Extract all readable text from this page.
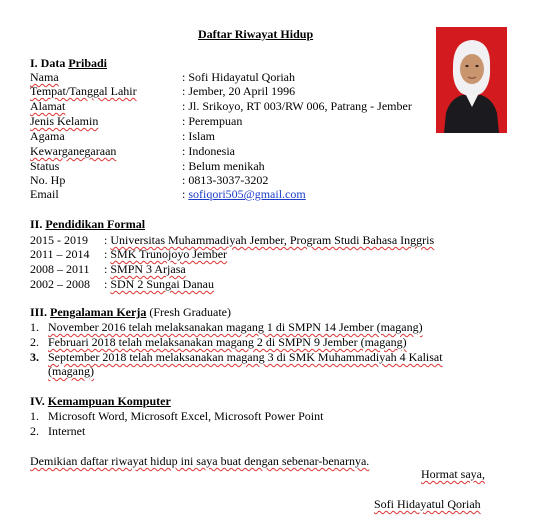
Daftar Riwayat Hidup
I. Data Pribadi
Nama	: Sofi Hidayatul Qoriah
Tempat/Tanggal Lahir	: Jember, 20 April 1996
Alamat	: Jl. Srikoyo, RT 003/RW 006, Patrang - Jember
Jenis Kelamin	: Perempuan
Agama	: Islam
Kewarganegaraan	: Indonesia
Status	: Belum menikah
No. Hp	: 0813-3037-3202
Email	: sofiqori505@gmail.com
II. Pendidikan Formal
2015 - 2019 : Universitas Muhammadiyah Jember, Program Studi Bahasa Inggris
2011 – 2014 : SMK Trunojoyo Jember
2008 – 2011 : SMPN 3 Arjasa
2002 – 2008 : SDN 2 Sungai Danau
III. Pengalaman Kerja (Fresh Graduate)
1. November 2016 telah melaksanakan magang 1 di SMPN 14 Jember (magang)
2. Februari 2018 telah melaksanakan magang 2 di SMPN 9 Jember (magang)
3. September 2018 telah melaksanakan magang 3 di SMK Muhammadiyah 4 Kalisat
(magang)
IV. Kemampuan Komputer
1. Microsoft Word, Microsoft Excel, Microsoft Power Point
2. Internet
Demikian daftar riwayat hidup ini saya buat dengan sebenar-benarnya.
Hormat saya,
Sofi Hidayatul Qoriah
